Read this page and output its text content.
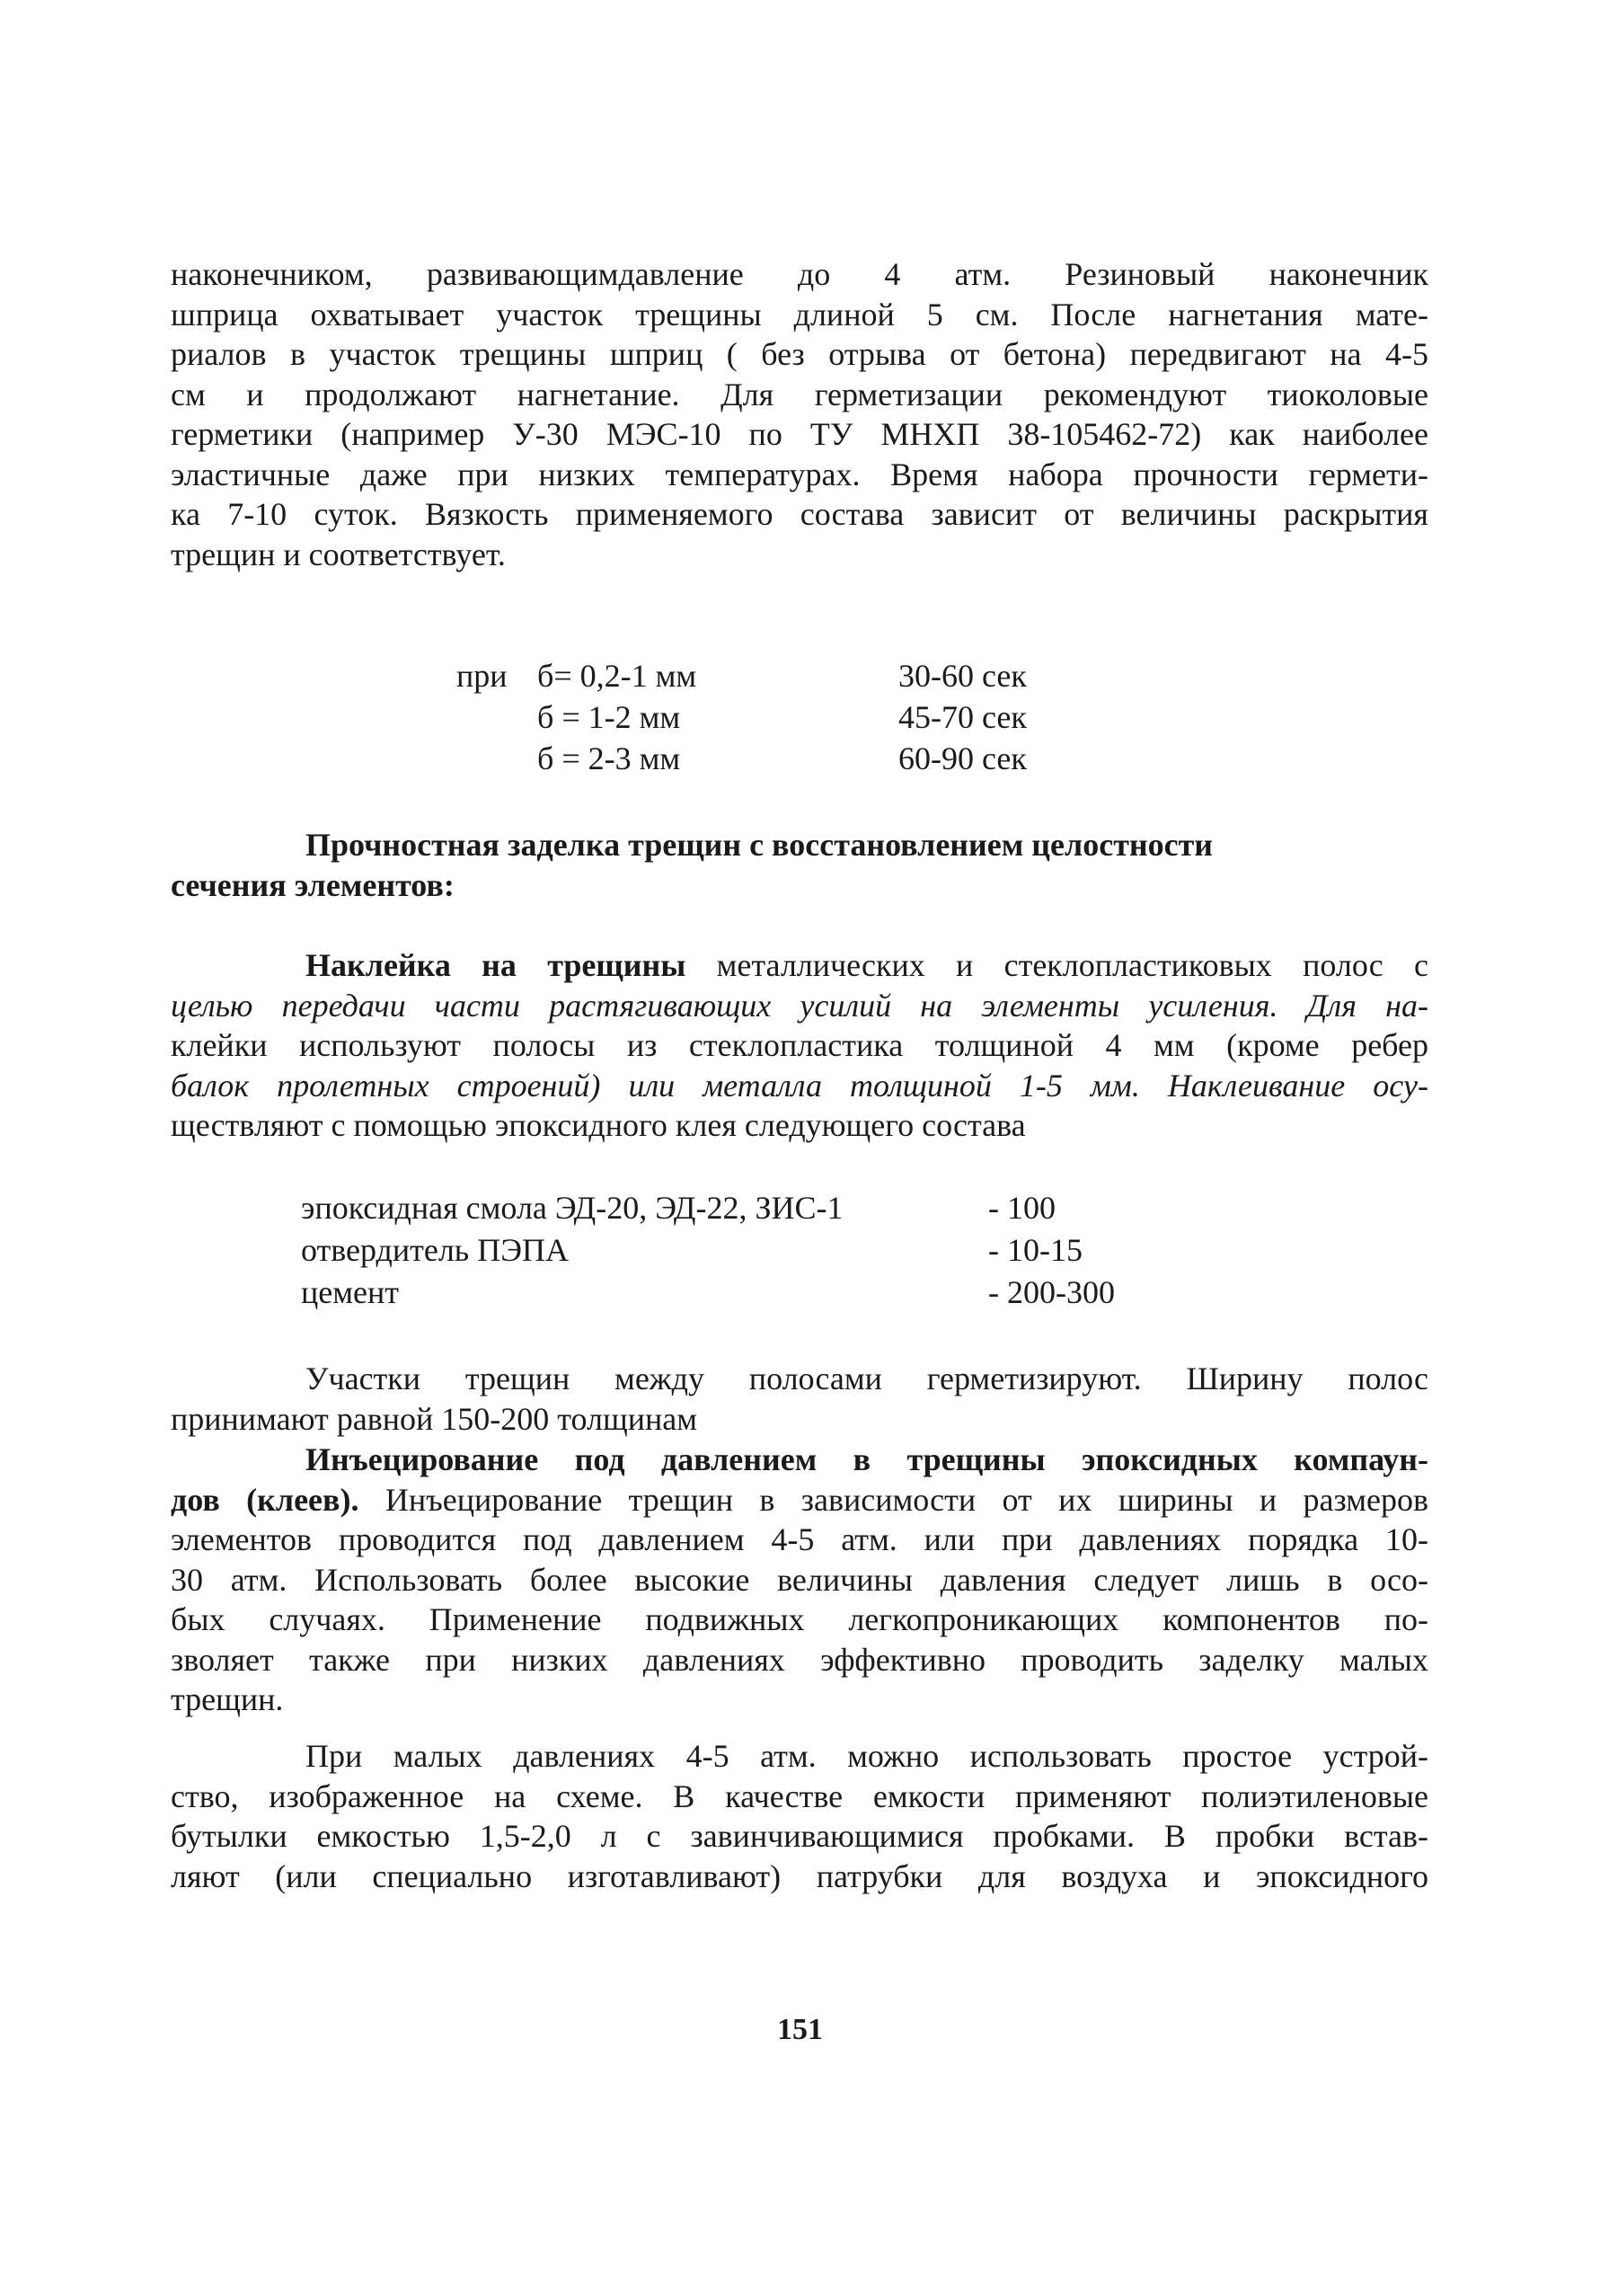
наконечником, развивающимдавление до 4 атм. Резиновый наконечник
шприца охватывает участок трещины длиной 5 см. После нагнетания мате-
риалов в участок трещины шприц ( без отрыва от бетона) передвигают на 4-5
см и продолжают нагнетание. Для герметизации рекомендуют тиоколовые
герметики (например У-30 МЭС-10 по ТУ МНХП 38-105462-72) как наиболее
эластичные даже при низких температурах. Время набора прочности гермети-
ка 7-10 суток. Вязкость применяемого состава зависит от величины раскрытия
трещин и соответствует.
при б= 0,2-1 мм	30-60 сек
б = 1-2 мм	45-70 сек
б = 2-3 мм	60-90 сек
Прочностная заделка трещин с восстановлением целостности
сечения элементов:
Наклейка на трещины металлических и стеклопластиковых полос с
целью передачи части растягивающих усилий на элементы усиления. Для на-
клейки используют полосы из стеклопластика толщиной 4 мм (кроме ребер
балок пролетных строений) или металла толщиной 1-5 мм. Наклеивание осу-
ществляют с помощью эпоксидного клея следующего состава
эпоксидная смола ЭД-20, ЭД-22, ЗИС-1	- 100
отвердитель ПЭПА	- 10-15
цемент	- 200-300
Участки трещин между полосами герметизируют. Ширину полос
принимают равной 150-200 толщинам
Инъецирование под давлением в трещины эпоксидных компаун-
дов (клеев). Инъецирование трещин в зависимости от их ширины и размеров
элементов проводится под давлением 4-5 атм. или при давлениях порядка 10-
30 атм. Использовать более высокие величины давления следует лишь в осо-
бых случаях. Применение подвижных легкопроникающих компонентов по-
зволяет также при низких давлениях эффективно проводить заделку малых
трещин.
При малых давлениях 4-5 атм. можно использовать простое устрой-
ство, изображенное на схеме. В качестве емкости применяют полиэтиленовые
бутылки емкостью 1,5-2,0 л с завинчивающимися пробками. В пробки встав-
ляют (или специально изготавливают) патрубки для воздуха и эпоксидного
151
